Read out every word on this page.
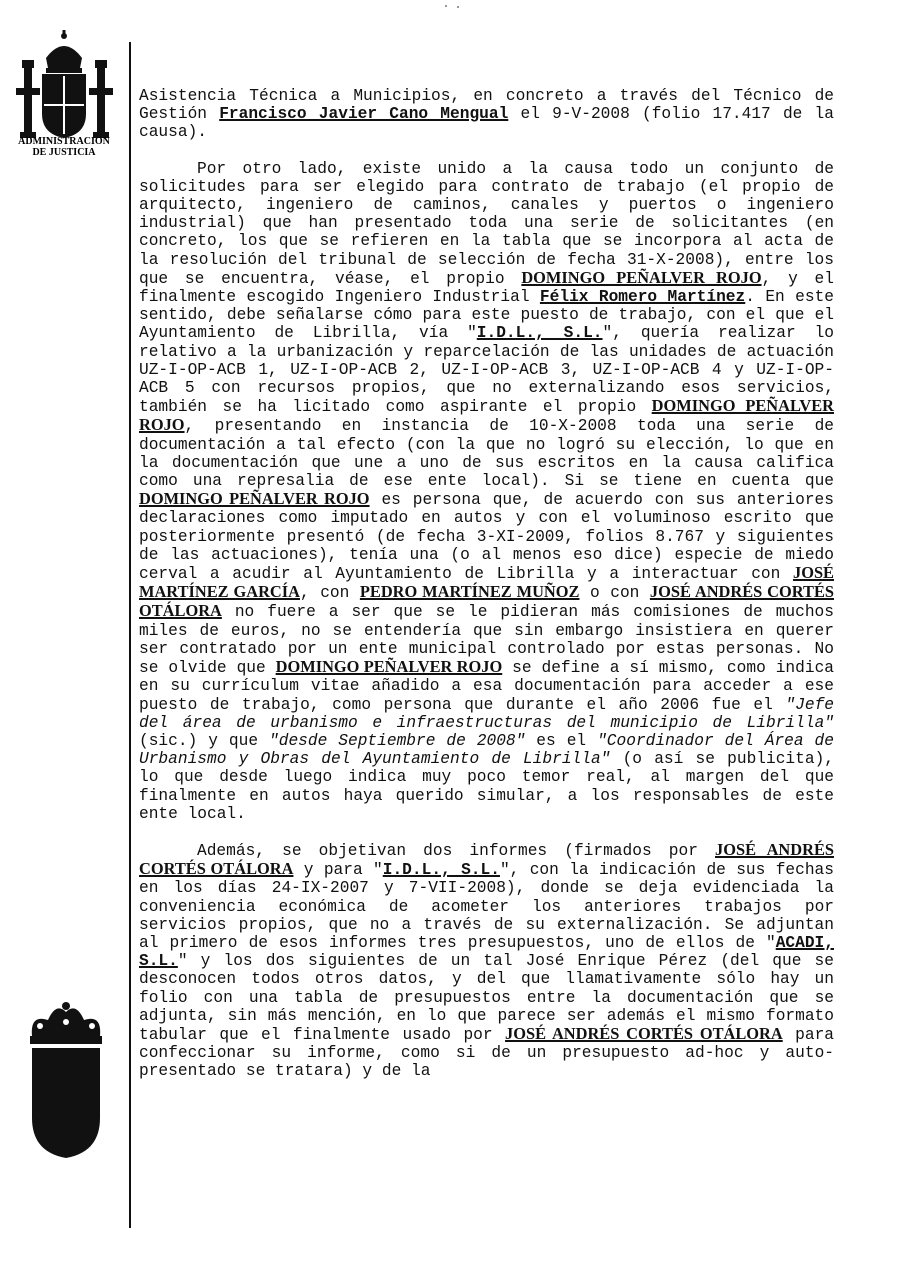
ADMINISTRACION
DE JUSTICIA

Asistencia Técnica a Municipios, en concreto a través del Técnico de Gestión Francisco Javier Cano Mengual el 9-V-2008 (folio 17.417 de la causa).

Por otro lado, existe unido a la causa todo un conjunto de solicitudes para ser elegido para contrato de trabajo (el propio de arquitecto, ingeniero de caminos, canales y puertos o ingeniero industrial) que han presentado toda una serie de solicitantes (en concreto, los que se refieren en la tabla que se incorpora al acta de la resolución del tribunal de selección de fecha 31-X-2008), entre los que se encuentra, véase, el propio DOMINGO PEÑALVER ROJO, y el finalmente escogido Ingeniero Industrial Félix Romero Martínez. En este sentido, debe señalarse cómo para este puesto de trabajo, con el que el Ayuntamiento de Librilla, vía "I.D.L., S.L.", quería realizar lo relativo a la urbanización y reparcelación de las unidades de actuación UZ-I-OP-ACB 1, UZ-I-OP-ACB 2, UZ-I-OP-ACB 3, UZ-I-OP-ACB 4 y UZ-I-OP-ACB 5 con recursos propios, que no externalizando esos servicios, también se ha licitado como aspirante el propio DOMINGO PEÑALVER ROJO, presentando en instancia de 10-X-2008 toda una serie de documentación a tal efecto (con la que no logró su elección, lo que en la documentación que une a uno de sus escritos en la causa califica como una represalia de ese ente local). Si se tiene en cuenta que DOMINGO PEÑALVER ROJO es persona que, de acuerdo con sus anteriores declaraciones como imputado en autos y con el voluminoso escrito que posteriormente presentó (de fecha 3-XI-2009, folios 8.767 y siguientes de las actuaciones), tenía una (o al menos eso dice) especie de miedo cerval a acudir al Ayuntamiento de Librilla y a interactuar con JOSÉ MARTÍNEZ GARCÍA, con PEDRO MARTÍNEZ MUÑOZ o con JOSÉ ANDRÉS CORTÉS OTÁLORA no fuere a ser que se le pidieran más comisiones de muchos miles de euros, no se entendería que sin embargo insistiera en querer ser contratado por un ente municipal controlado por estas personas. No se olvide que DOMINGO PEÑALVER ROJO se define a sí mismo, como indica en su currículum vitae añadido a esa documentación para acceder a ese puesto de trabajo, como persona que durante el año 2006 fue el "Jefe del área de urbanismo e infraestructuras del municipio de Librilla" (sic.) y que "desde Septiembre de 2008" es el "Coordinador del Área de Urbanismo y Obras del Ayuntamiento de Librilla" (o así se publicita), lo que desde luego indica muy poco temor real, al margen del que finalmente en autos haya querido simular, a los responsables de este ente local.

Además, se objetivan dos informes (firmados por JOSÉ ANDRÉS CORTÉS OTÁLORA y para "I.D.L., S.L.", con la indicación de sus fechas en los días 24-IX-2007 y 7-VII-2008), donde se deja evidenciada la conveniencia económica de acometer los anteriores trabajos por servicios propios, que no a través de su externalización. Se adjuntan al primero de esos informes tres presupuestos, uno de ellos de "ACADI, S.L." y los dos siguientes de un tal José Enrique Pérez (del que se desconocen todos otros datos, y del que llamativamente sólo hay un folio con una tabla de presupuestos entre la documentación que se adjunta, sin más mención, en lo que parece ser además el mismo formato tabular que el finalmente usado por JOSÉ ANDRÉS CORTÉS OTÁLORA para confeccionar su informe, como si de un presupuesto ad-hoc y auto-presentado se tratara) y de la
